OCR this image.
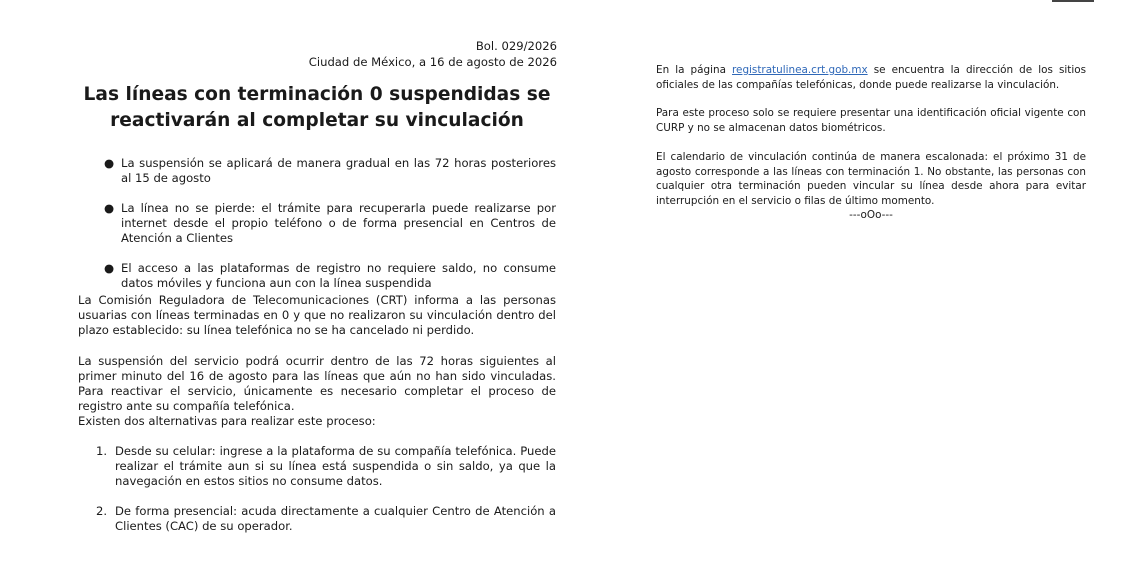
Bol. 029/2026
Ciudad de México, a 16 de agosto de 2026
Las líneas con terminación 0 suspendidas se reactivarán al completar su vinculación
● La suspensión se aplicará de manera gradual en las 72 horas posteriores al 15 de agosto
● La línea no se pierde: el trámite para recuperarla puede realizarse por internet desde el propio teléfono o de forma presencial en Centros de Atención a Clientes
● El acceso a las plataformas de registro no requiere saldo, no consume datos móviles y funciona aun con la línea suspendida

La Comisión Reguladora de Telecomunicaciones (CRT) informa a las personas usuarias con líneas terminadas en 0 y que no realizaron su vinculación dentro del plazo establecido: su línea telefónica no se ha cancelado ni perdido.

La suspensión del servicio podrá ocurrir dentro de las 72 horas siguientes al primer minuto del 16 de agosto para las líneas que aún no han sido vinculadas. Para reactivar el servicio, únicamente es necesario completar el proceso de registro ante su compañía telefónica.

Existen dos alternativas para realizar este proceso:

1. Desde su celular: ingrese a la plataforma de su compañía telefónica. Puede realizar el trámite aun si su línea está suspendida o sin saldo, ya que la navegación en estos sitios no consume datos.
2. De forma presencial: acuda directamente a cualquier Centro de Atención a Clientes (CAC) de su operador.

En la página registratulinea.crt.gob.mx se encuentra la dirección de los sitios oficiales de las compañías telefónicas, donde puede realizarse la vinculación.

Para este proceso solo se requiere presentar una identificación oficial vigente con CURP y no se almacenan datos biométricos.

El calendario de vinculación continúa de manera escalonada: el próximo 31 de agosto corresponde a las líneas con terminación 1. No obstante, las personas con cualquier otra terminación pueden vincular su línea desde ahora para evitar interrupción en el servicio o filas de último momento.

---oOo---
